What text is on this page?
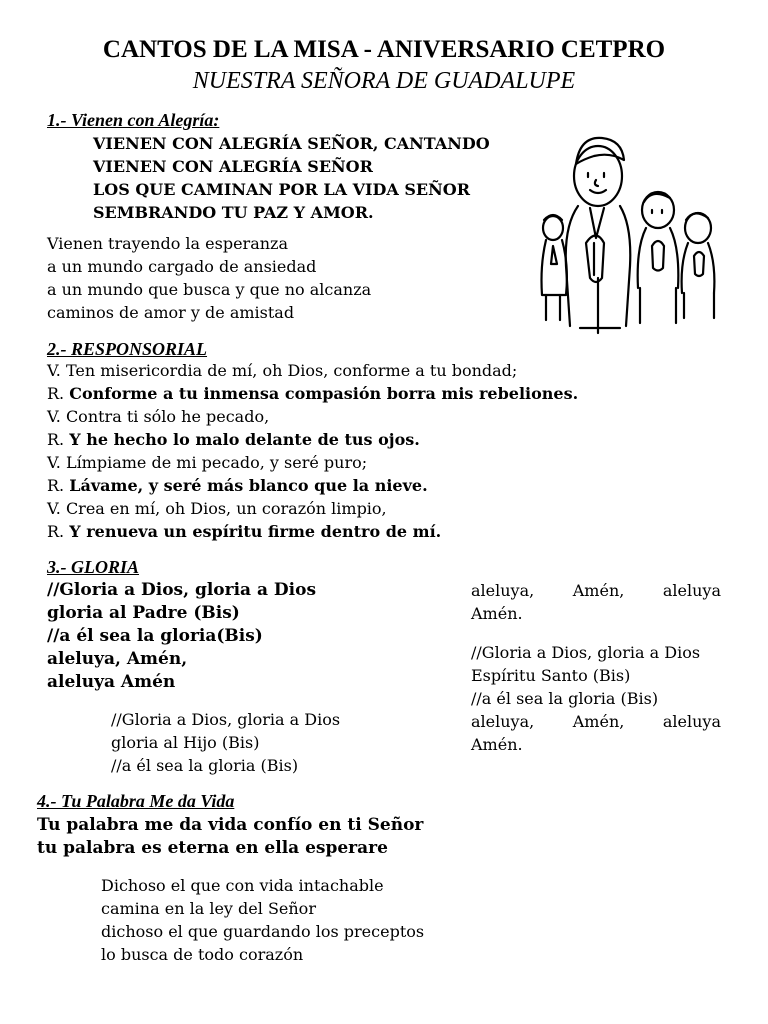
CANTOS DE LA MISA - ANIVERSARIO CETPRO
NUESTRA SEÑORA DE GUADALUPE
1.- Vienen con Alegría:
VIENEN CON ALEGRÍA SEÑOR, CANTANDO
VIENEN CON ALEGRÍA SEÑOR
LOS QUE CAMINAN POR LA VIDA SEÑOR
SEMBRANDO TU PAZ Y AMOR.
Vienen trayendo la esperanza
a un mundo cargado de ansiedad
a un mundo que busca y que no alcanza
caminos de amor y de amistad
2.- RESPONSORIAL
V. Ten misericordia de mí, oh Dios, conforme a tu bondad;
R. Conforme a tu inmensa compasión borra mis rebeliones.
V. Contra ti sólo he pecado,
R. Y he hecho lo malo delante de tus ojos.
V. Límpiame de mi pecado, y seré puro;
R. Lávame, y seré más blanco que la nieve.
V. Crea en mí, oh Dios, un corazón limpio,
R. Y renueva un espíritu firme dentro de mí.
3.- GLORIA
//Gloria a Dios, gloria a Dios
gloria al Padre (Bis)
//a él sea la gloria(Bis)
aleluya, Amén,
aleluya Amén
//Gloria a Dios, gloria a Dios
gloria al Hijo (Bis)
//a él sea la gloria (Bis)
aleluya, Amén, aleluya
Amén.
//Gloria a Dios, gloria a Dios
Espíritu Santo (Bis)
//a él sea la gloria (Bis)
aleluya, Amén, aleluya
Amén.
4.- Tu Palabra Me da Vida
Tu palabra me da vida confío en ti Señor
tu palabra es eterna en ella esperare
Dichoso el que con vida intachable
camina en la ley del Señor
dichoso el que guardando los preceptos
lo busca de todo corazón
